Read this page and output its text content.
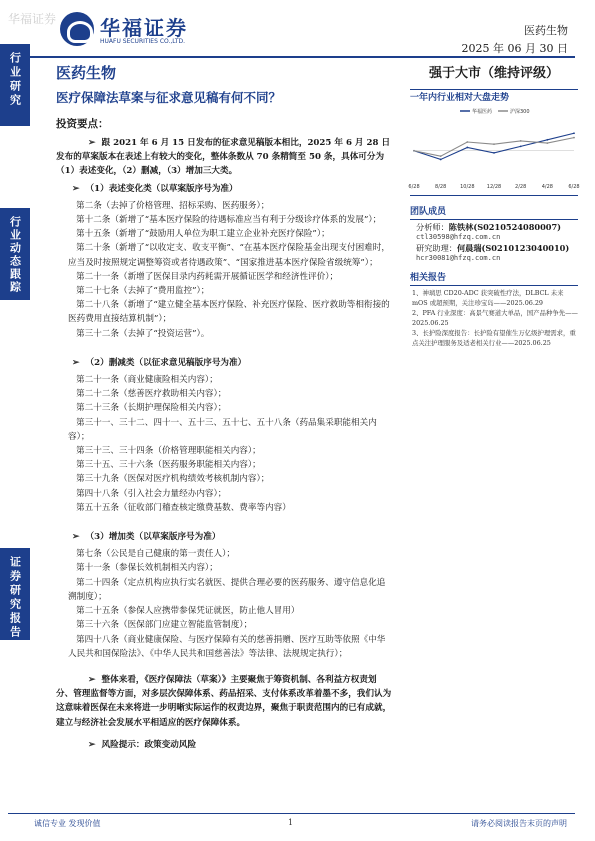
华福证券 华福证券
HUAFU SECURITIES CO.,LTD.
医药生物
2025 年 06 月 30 日
行业研究
行业动态跟踪
证券研究报告
医药生物
医疗保障法草案与征求意见稿有何不同？
投资要点：
➢ 跟 2021 年 6 月 15 日发布的征求意见稿版本相比，2025 年 6 月 28 日发布的草案版本在表述上有较大的变化，整体条数从 70 条精简至 50 条，具体可分为（1）表述变化，（2）删减，（3）增加三大类。
➢ （1）表述变化类（以草案版序号为准）
第二条（去掉了价格管理、招标采购、医药服务）；
第十二条（新增了“基本医疗保险的待遇标准应当有利于分级诊疗体系的发展”）；
第十五条（新增了“鼓励用人单位为职工建立企业补充医疗保险”）；
第二十条（新增了“以收定支、收支平衡”、“在基本医疗保险基金出现支付困难时，应当及时按照规定调整筹资或者待遇政策”、“国家推进基本医疗保险省级统筹”）；
第二十一条（新增了医保目录内药耗需开展循证医学和经济性评价）；
第二十七条（去掉了“费用监控”）；
第二十八条（新增了“建立健全基本医疗保险、补充医疗保险、医疗救助等相衔接的医药费用直接结算机制”）；
第三十二条（去掉了“投资运营”）。
➢ （2）删减类（以征求意见稿版序号为准）
第二十一条（商业健康险相关内容）；
第二十二条（慈善医疗救助相关内容）；
第二十三条（长期护理保险相关内容）；
第三十一、三十二、四十一、五十三、五十七、五十八条（药品集采职能相关内容）；
第三十三、三十四条（价格管理职能相关内容）；
第三十五、三十六条（医药服务职能相关内容）；
第三十九条（医保对医疗机构绩效考核机制内容）；
第四十八条（引入社会力量经办内容）；
第五十五条（征收部门稽查核定缴费基数、费率等内容）
➢ （3）增加类（以草案版序号为准）
第七条（公民是自己健康的第一责任人）；
第十一条（参保长效机制相关内容）；
第二十四条（定点机构应执行实名就医、提供合理必要的医药服务、遵守信息化追溯制度）；
第二十五条（参保人应携带参保凭证就医，防止他人冒用）
第三十六条（医保部门应建立智能监管制度）；
第四十八条（商业健康保险、与医疗保障有关的慈善捐赠、医疗互助等依照《中华人民共和国保险法》、《中华人民共和国慈善法》等法律、法规规定执行）；
➢ 整体来看，《医疗保障法（草案）》主要聚焦于筹资机制、各利益方权责划分、管理监督等方面，对多层次保障体系、药品招采、支付体系改革着墨不多，我们认为这意味着医保在未来将进一步明晰实际运作的权责边界，聚焦于职责范围内的已有成就，建立与经济社会发展水平相适应的医疗保障体系。
➢ 风险提示：政策变动风险
强于大市（维持评级）
一年内行业相对大盘走势
华福医药	沪深300
6/28	8/28	10/28 12/28	2/28	4/28	6/28
团队成员
分析师：陈铁林(S0210524080007)
ctl30598@hfzq.com.cn
研究助理：何晨瑞(S0210123040010)
hcr30081@hfzq.com.cn
相关报告
1、神璃思 CD20-ADC 获突破性疗法，DLBCL 未来 mOS 或超预期，关注珍宝岛——2025.06.29
2、PFA 行业深度：高景气赛道大单品，国产品种争先——2025.06.25
3、长护险深度报告：长护险有望催生万亿级护理需求，重点关注护理服务及适老相关行业——2025.06.25
诚信专业 发现价值	1	请务必阅读报告末页的声明
